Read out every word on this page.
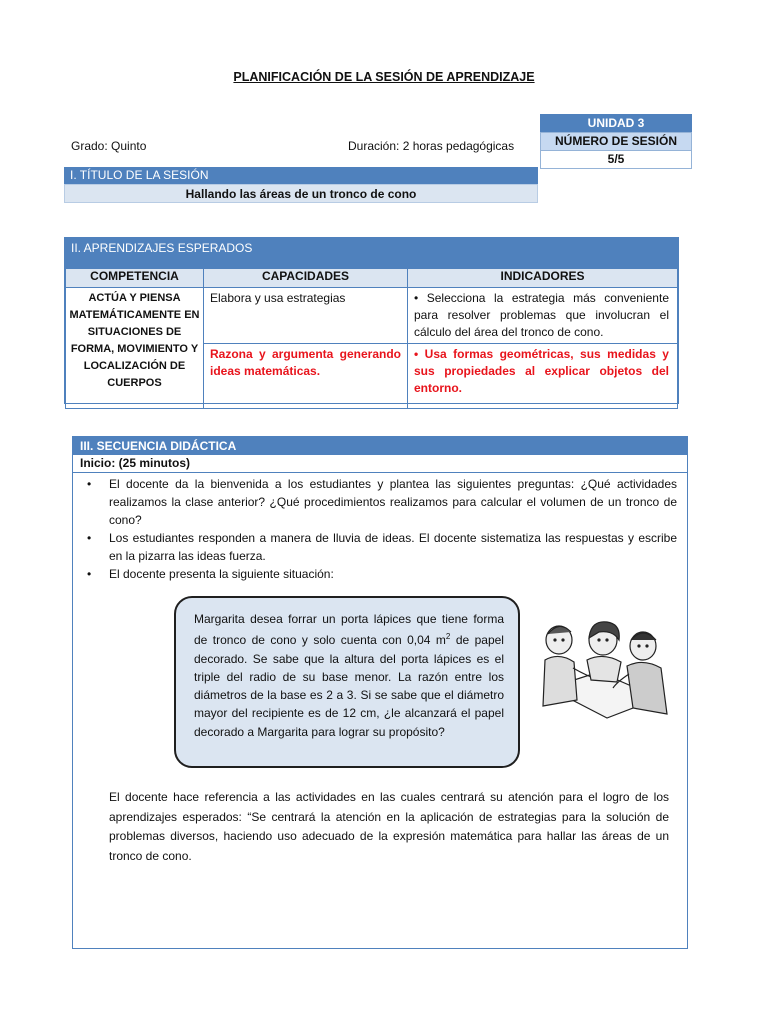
PLANIFICACIÓN DE LA SESIÓN DE APRENDIZAJE
Grado: Quinto	Duración: 2 horas pedagógicas
UNIDAD 3
NÚMERO DE SESIÓN
5/5
I. TÍTULO DE LA SESIÓN
Hallando las áreas de un tronco de cono
II. APRENDIZAJES ESPERADOS
COMPETENCIA	CAPACIDADES	INDICADORES
ACTÚA Y PIENSA MATEMÁTICAMENTE EN SITUACIONES DE FORMA, MOVIMIENTO Y LOCALIZACIÓN DE CUERPOS	Elabora y usa estrategias	• Selecciona la estrategia más conveniente para resolver problemas que involucran el cálculo del área del tronco de cono.
	Razona y argumenta generando ideas matemáticas.	• Usa formas geométricas, sus medidas y sus propiedades al explicar objetos del entorno.
III. SECUENCIA DIDÁCTICA
Inicio: (25 minutos)
• El docente da la bienvenida a los estudiantes y plantea las siguientes preguntas: ¿Qué actividades realizamos la clase anterior? ¿Qué procedimientos realizamos para calcular el volumen de un tronco de cono?
• Los estudiantes responden a manera de lluvia de ideas. El docente sistematiza las respuestas y escribe en la pizarra las ideas fuerza.
• El docente presenta la siguiente situación:
Margarita desea forrar un porta lápices que tiene forma de tronco de cono y solo cuenta con 0,04 $m^2$ de papel decorado. Se sabe que la altura del porta lápices es el triple del radio de su base menor. La razón entre los diámetros de la base es 2 a 3. Si se sabe que el diámetro mayor del recipiente es de 12 cm, ¿le alcanzará el papel decorado a Margarita para lograr su propósito?
El docente hace referencia a las actividades en las cuales centrará su atención para el logro de los aprendizajes esperados: “Se centrará la atención en la aplicación de estrategias para la solución de problemas diversos, haciendo uso adecuado de la expresión matemática para hallar las áreas de un tronco de cono.
